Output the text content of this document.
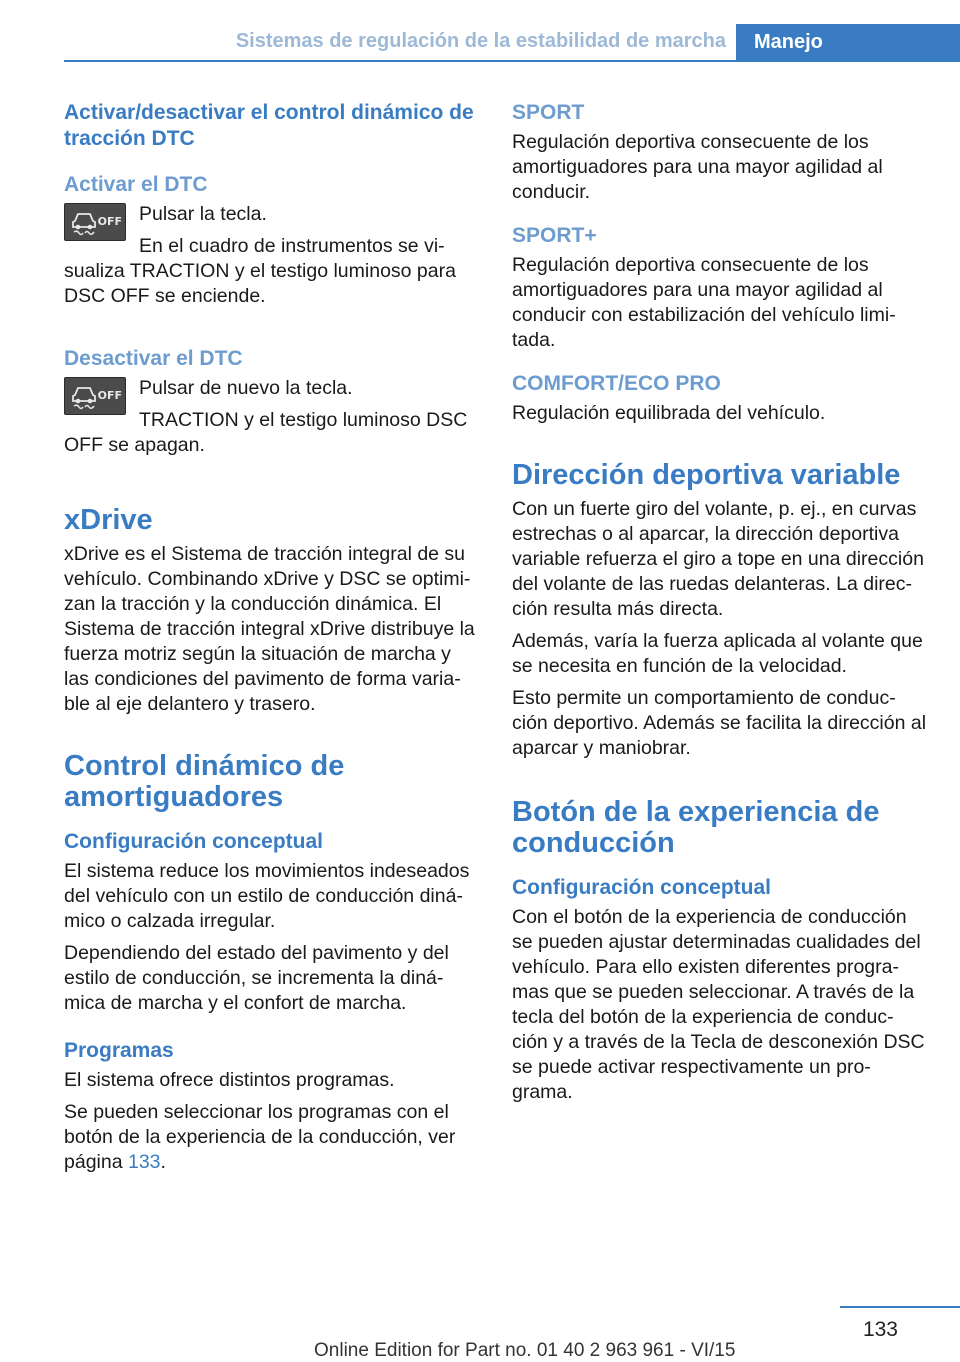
Sistemas de regulación de la estabilidad de marcha	Manejo
Activar/desactivar el control dinámico de tracción DTC
Activar el DTC
OFF Pulsar la tecla.

En el cuadro de instrumentos se vi‐ sualiza TRACTION y el testigo luminoso para DSC OFF se enciende.

Desactivar el DTC
OFF Pulsar de nuevo la tecla.

TRACTION y el testigo luminoso DSC OFF se apagan.

xDrive

xDrive es el Sistema de tracción integral de su vehículo. Combinando xDrive y DSC se optimi‐ zan la tracción y la conducción dinámica. El Sistema de tracción integral xDrive distribuye la fuerza motriz según la situación de marcha y las condiciones del pavimento de forma varia‐ ble al eje delantero y trasero.

Control dinámico de amortiguadores
Configuración conceptual

El sistema reduce los movimientos indeseados del vehículo con un estilo de conducción diná‐ mico o calzada irregular.

Dependiendo del estado del pavimento y del estilo de conducción, se incrementa la diná‐ mica de marcha y el confort de marcha.

Programas

El sistema ofrece distintos programas.

Se pueden seleccionar los programas con el botón de la experiencia de la conducción, ver página 133.

SPORT

Regulación deportiva consecuente de los amortiguadores para una mayor agilidad al conducir.

SPORT+

Regulación deportiva consecuente de los amortiguadores para una mayor agilidad al conducir con estabilización del vehículo limi‐ tada.

COMFORT/ECO PRO

Regulación equilibrada del vehículo.

Dirección deportiva variable

Con un fuerte giro del volante, p. ej., en curvas estrechas o al aparcar, la dirección deportiva variable refuerza el giro a tope en una dirección del volante de las ruedas delanteras. La direc‐ ción resulta más directa.

Además, varía la fuerza aplicada al volante que se necesita en función de la velocidad.

Esto permite un comportamiento de conduc‐ ción deportivo. Además se facilita la dirección al aparcar y maniobrar.

Botón de la experiencia de conducción
Configuración conceptual

Con el botón de la experiencia de conducción se pueden ajustar determinadas cualidades del vehículo. Para ello existen diferentes progra‐ mas que se pueden seleccionar. A través de la tecla del botón de la experiencia de conduc‐ ción y a través de la Tecla de desconexión DSC se puede activar respectivamente un pro‐ grama.

133
Online Edition for Part no. 01 40 2 963 961 - VI/15
